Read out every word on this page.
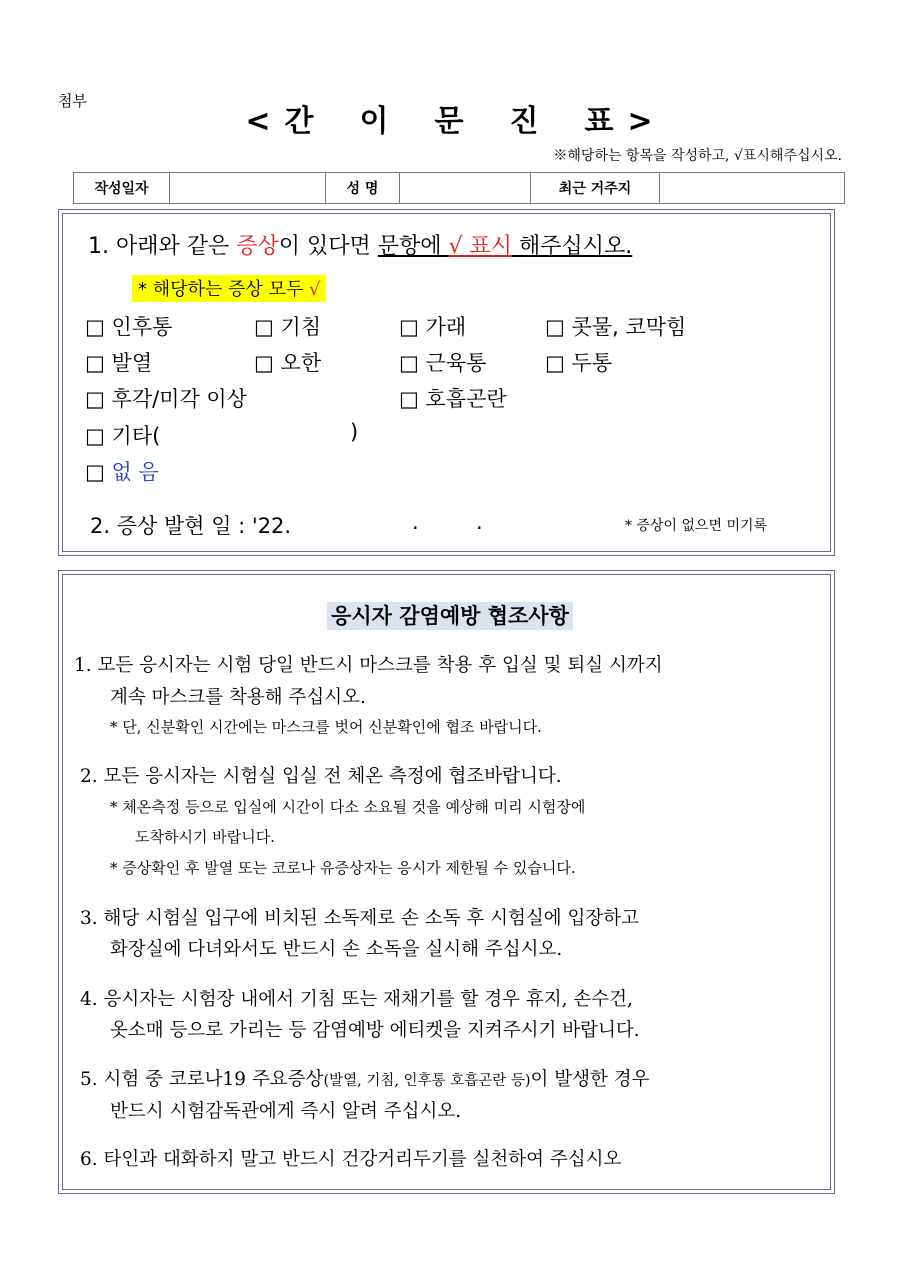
첨부
< 간  이  문  진  표 >
※해당하는 항목을 작성하고, √표시해주십시오.
작성일자	성 명	최근 거주지
1. 아래와 같은 증상이 있다면 문항에 √ 표시 해주십시오.
* 해당하는 증상 모두 √
□ 인후통	□ 기침	□ 가래	□ 콧물, 코막힘
□ 발열	□ 오한	□ 근육통	□ 두통
□ 후각/미각 이상	□ 호흡곤란
□ 기타(	)
□ 없 음
2. 증상 발현 일 : '22.	.	.	* 증상이 없으면 미기록
응시자 감염예방 협조사항
1. 모든 응시자는 시험 당일 반드시 마스크를 착용 후 입실 및 퇴실 시까지
계속 마스크를 착용해 주십시오.
* 단, 신분확인 시간에는 마스크를 벗어 신분확인에 협조 바랍니다.
2. 모든 응시자는 시험실 입실 전 체온 측정에 협조바랍니다.
* 체온측정 등으로 입실에 시간이 다소 소요될 것을 예상해 미리 시험장에
도착하시기 바랍니다.
* 증상확인 후 발열 또는 코로나 유증상자는 응시가 제한될 수 있습니다.
3. 해당 시험실 입구에 비치된 소독제로 손 소독 후 시험실에 입장하고
화장실에 다녀와서도 반드시 손 소독을 실시해 주십시오.
4. 응시자는 시험장 내에서 기침 또는 재채기를 할 경우 휴지, 손수건,
옷소매 등으로 가리는 등 감염예방 에티켓을 지켜주시기 바랍니다.
5. 시험 중 코로나19 주요증상(발열, 기침, 인후통 호흡곤란 등)이 발생한 경우
반드시 시험감독관에게 즉시 알려 주십시오.
6. 타인과 대화하지 말고 반드시 건강거리두기를 실천하여 주십시오
